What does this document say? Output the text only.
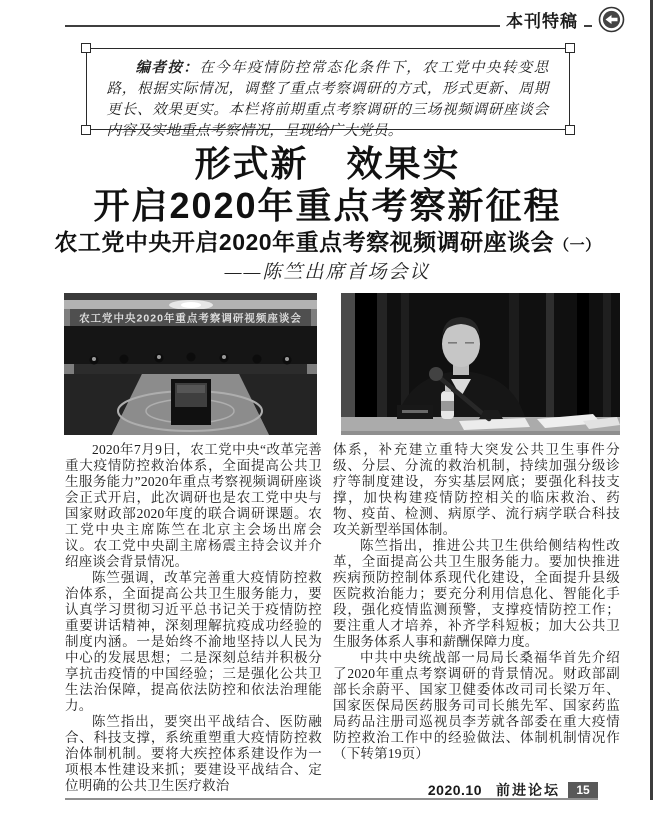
本刊特稿

编者按：在今年疫情防控常态化条件下，农工党中央转变思路，根据实际情况，调整了重点考察调研的方式，形式更新、周期更长、效果更实。本栏将前期重点考察调研的三场视频调研座谈会内容及实地重点考察情况，呈现给广大党员。

形式新　效果实
开启2020年重点考察新征程
农工党中央开启2020年重点考察视频调研座谈会（一）
——陈竺出席首场会议
农工党中央2020年重点考察调研视频座谈会

2020年7月9日，农工党中央“改革完善重大疫情防控救治体系，全面提高公共卫生服务能力”2020年重点考察视频调研座谈会正式开启，此次调研也是农工党中央与国家财政部2020年度的联合调研课题。农工党中央主席陈竺在北京主会场出席会议。农工党中央副主席杨震主持会议并介绍座谈会背景情况。

陈竺强调，改革完善重大疫情防控救治体系，全面提高公共卫生服务能力，要认真学习贯彻习近平总书记关于疫情防控重要讲话精神，深刻理解抗疫成功经验的制度内涵。一是始终不渝地坚持以人民为中心的发展思想；二是深刻总结并积极分享抗击疫情的中国经验；三是强化公共卫生法治保障，提高依法防控和依法治理能力。

陈竺指出，要突出平战结合、医防融合、科技支撑，系统重塑重大疫情防控救治体制机制。要将大疾控体系建设作为一项根本性建设来抓；要建设平战结合、定位明确的公共卫生医疗救治

体系，补充建立重特大突发公共卫生事件分级、分层、分流的救治机制，持续加强分级诊疗等制度建设，夯实基层网底；要强化科技支撑，加快构建疫情防控相关的临床救治、药物、疫苗、检测、病原学、流行病学联合科技攻关新型举国体制。

陈竺指出，推进公共卫生供给侧结构性改革，全面提高公共卫生服务能力。要加快推进疾病预防控制体系现代化建设，全面提升县级医院救治能力；要充分利用信息化、智能化手段，强化疫情监测预警，支撑疫情防控工作；要注重人才培养，补齐学科短板；加大公共卫生服务体系人事和薪酬保障力度。

中共中央统战部一局局长桑福华首先介绍了2020年重点考察调研的背景情况。财政部副部长余蔚平、国家卫健委体改司司长梁万年、国家医保局医药服务司司长熊先军、国家药监局药品注册司巡视员李芳就各部委在重大疫情防控救治工作中的经验做法、体制机制情况作（下转第19页）

2020.10 前进论坛	15
